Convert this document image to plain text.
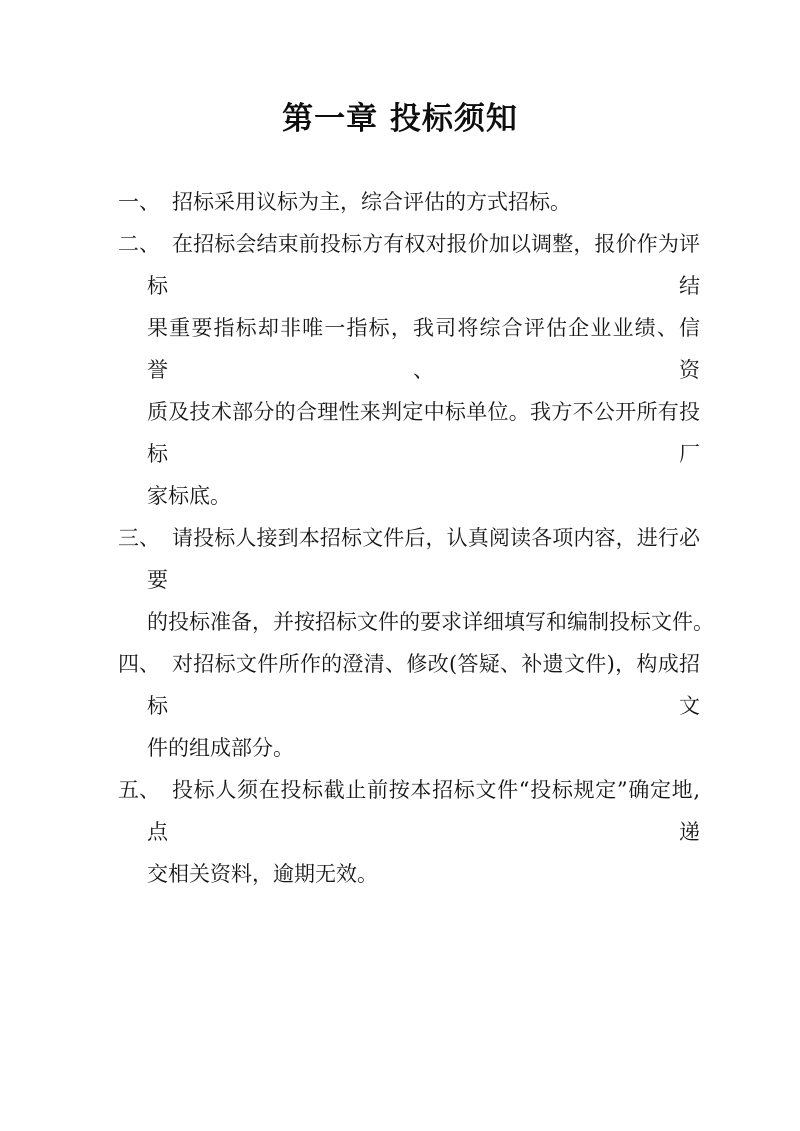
第一章 投标须知
一、 招标采用议标为主，综合评估的方式招标。
二、 在招标会结束前投标方有权对报价加以调整，报价作为评标结
果重要指标却非唯一指标，我司将综合评估企业业绩、信誉、资
质及技术部分的合理性来判定中标单位。我方不公开所有投标厂
家标底。
三、 请投标人接到本招标文件后，认真阅读各项内容，进行必要
的投标准备，并按招标文件的要求详细填写和编制投标文件。
四、 对招标文件所作的澄清、修改(答疑、补遗文件)，构成招标文
件的组成部分。
五、 投标人须在投标截止前按本招标文件“投标规定”确定地,点递
交相关资料，逾期无效。
